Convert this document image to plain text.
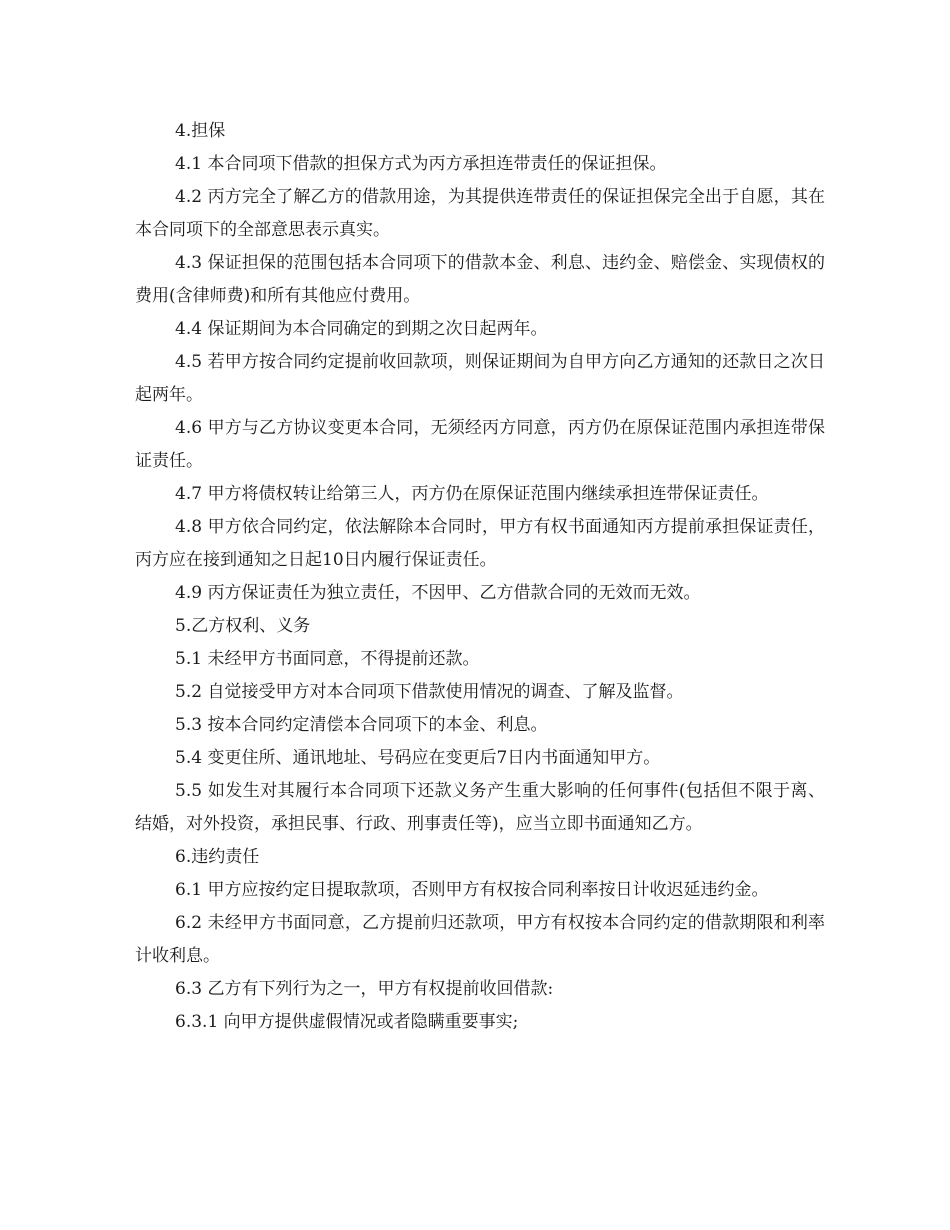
4.担保

4.1 本合同项下借款的担保方式为丙方承担连带责任的保证担保。

4.2 丙方完全了解乙方的借款用途，为其提供连带责任的保证担保完全出于自愿，其在本合同项下的全部意思表示真实。

4.3 保证担保的范围包括本合同项下的借款本金、利息、违约金、赔偿金、实现债权的费用(含律师费)和所有其他应付费用。

4.4 保证期间为本合同确定的到期之次日起两年。

4.5 若甲方按合同约定提前收回款项，则保证期间为自甲方向乙方通知的还款日之次日起两年。

4.6 甲方与乙方协议变更本合同，无须经丙方同意，丙方仍在原保证范围内承担连带保证责任。

4.7 甲方将债权转让给第三人，丙方仍在原保证范围内继续承担连带保证责任。

4.8 甲方依合同约定，依法解除本合同时，甲方有权书面通知丙方提前承担保证责任，丙方应在接到通知之日起10日内履行保证责任。

4.9 丙方保证责任为独立责任，不因甲、乙方借款合同的无效而无效。

5.乙方权利、义务

5.1 未经甲方书面同意，不得提前还款。

5.2 自觉接受甲方对本合同项下借款使用情况的调查、了解及监督。

5.3 按本合同约定清偿本合同项下的本金、利息。

5.4 变更住所、通讯地址、号码应在变更后7日内书面通知甲方。

5.5 如发生对其履行本合同项下还款义务产生重大影响的任何事件(包括但不限于离、结婚，对外投资，承担民事、行政、刑事责任等)，应当立即书面通知乙方。

6.违约责任

6.1 甲方应按约定日提取款项，否则甲方有权按合同利率按日计收迟延违约金。

6.2 未经甲方书面同意，乙方提前归还款项，甲方有权按本合同约定的借款期限和利率计收利息。

6.3 乙方有下列行为之一，甲方有权提前收回借款:

6.3.1 向甲方提供虚假情况或者隐瞒重要事实;
